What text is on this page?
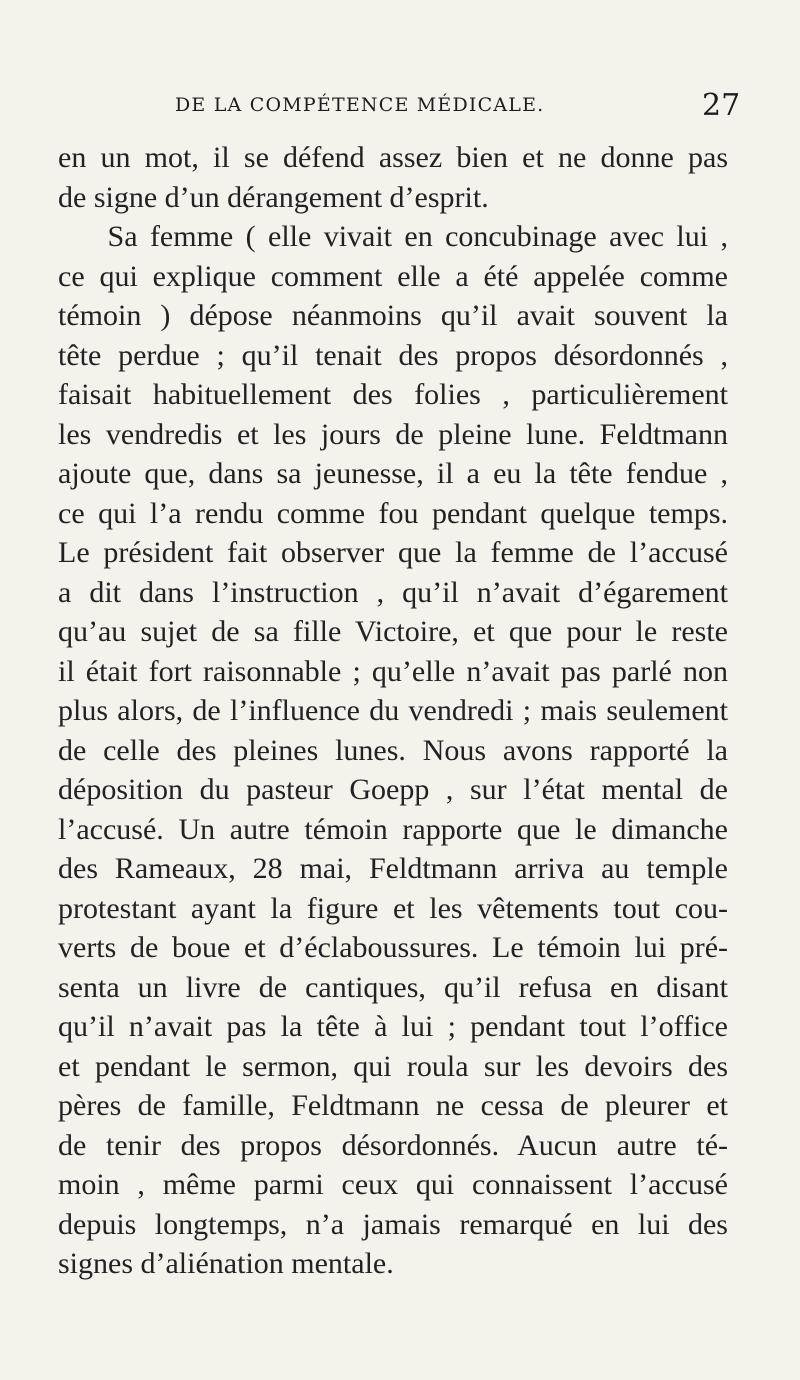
DE LA COMPÉTENCE MÉDICALE.	27
en un mot, il se défend assez bien et ne donne pas
de signe d’un dérangement d’esprit.
Sa femme ( elle vivait en concubinage avec lui ,
ce qui explique comment elle a été appelée comme
témoin ) dépose néanmoins qu’il avait souvent la
tête perdue ; qu’il tenait des propos désordonnés ,
faisait habituellement des folies , particulièrement
les vendredis et les jours de pleine lune. Feldtmann
ajoute que, dans sa jeunesse, il a eu la tête fendue ,
ce qui l’a rendu comme fou pendant quelque temps.
Le président fait observer que la femme de l’accusé
a dit dans l’instruction , qu’il n’avait d’égarement
qu’au sujet de sa fille Victoire, et que pour le reste
il était fort raisonnable ; qu’elle n’avait pas parlé non
plus alors, de l’influence du vendredi ; mais seulement
de celle des pleines lunes. Nous avons rapporté la
déposition du pasteur Goepp , sur l’état mental de
l’accusé. Un autre témoin rapporte que le dimanche
des Rameaux, 28 mai, Feldtmann arriva au temple
protestant ayant la figure et les vêtements tout cou-
verts de boue et d’éclaboussures. Le témoin lui pré-
senta un livre de cantiques, qu’il refusa en disant
qu’il n’avait pas la tête à lui ; pendant tout l’office
et pendant le sermon, qui roula sur les devoirs des
pères de famille, Feldtmann ne cessa de pleurer et
de tenir des propos désordonnés. Aucun autre té-
moin , même parmi ceux qui connaissent l’accusé
depuis longtemps, n’a jamais remarqué en lui des
signes d’aliénation mentale.
